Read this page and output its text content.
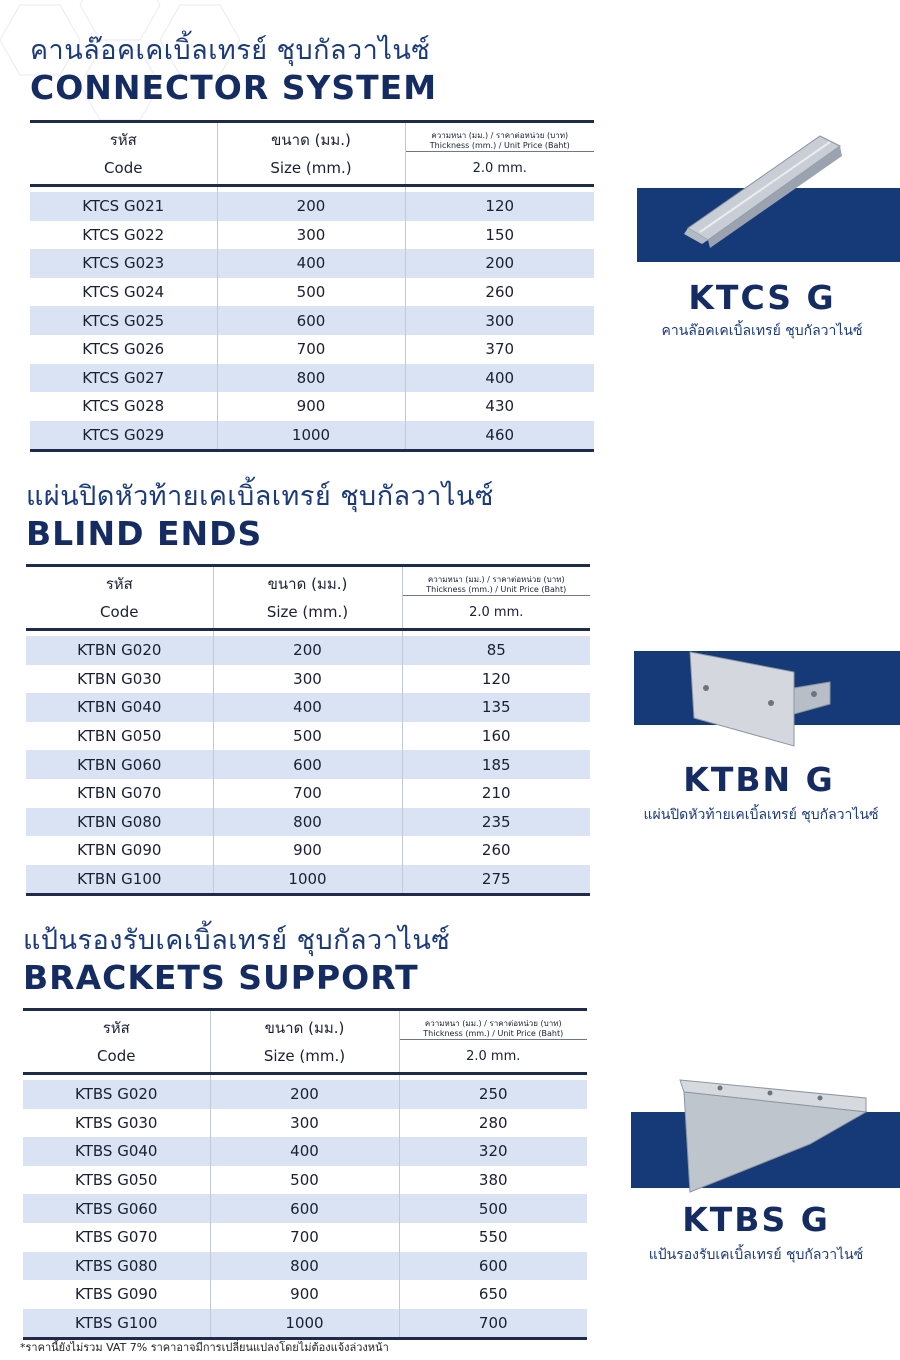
คานล๊อคเคเบิ้ลเทรย์ ชุบกัลวาไนซ์
CONNECTOR SYSTEM
รหัส	ขนาด (มม.)	ความหนา (มม.) / ราคาต่อหน่วย (บาท)
Thickness (mm.) / Unit Price (Baht)

Code	Size (mm.)	2.0 mm.

KTCS G021	200	120
KTCS G022	300	150
KTCS G023	400	200
KTCS G024	500	260
KTCS G025	600	300
KTCS G026	700	370
KTCS G027	800	400
KTCS G028	900	430
KTCS G029	1000	460
KTCS G
คานล๊อคเคเบิ้ลเทรย์ ชุบกัลวาไนซ์
แผ่นปิดหัวท้ายเคเบิ้ลเทรย์ ชุบกัลวาไนซ์
BLIND ENDS
รหัส	ขนาด (มม.)	ความหนา (มม.) / ราคาต่อหน่วย (บาท)
Thickness (mm.) / Unit Price (Baht)

Code	Size (mm.)	2.0 mm.

KTBN G020	200	85
KTBN G030	300	120
KTBN G040	400	135
KTBN G050	500	160
KTBN G060	600	185
KTBN G070	700	210
KTBN G080	800	235
KTBN G090	900	260
KTBN G100	1000	275
KTBN G
แผ่นปิดหัวท้ายเคเบิ้ลเทรย์ ชุบกัลวาไนซ์
แป้นรองรับเคเบิ้ลเทรย์ ชุบกัลวาไนซ์
BRACKETS SUPPORT
รหัส	ขนาด (มม.)	ความหนา (มม.) / ราคาต่อหน่วย (บาท)
Thickness (mm.) / Unit Price (Baht)

Code	Size (mm.)	2.0 mm.

KTBS G020	200	250
KTBS G030	300	280
KTBS G040	400	320
KTBS G050	500	380
KTBS G060	600	500
KTBS G070	700	550
KTBS G080	800	600
KTBS G090	900	650
KTBS G100	1000	700
KTBS G
แป้นรองรับเคเบิ้ลเทรย์ ชุบกัลวาไนซ์
*ราคานี้ยังไม่รวม VAT 7% ราคาอาจมีการเปลี่ยนแปลงโดยไม่ต้องแจ้งล่วงหน้า
